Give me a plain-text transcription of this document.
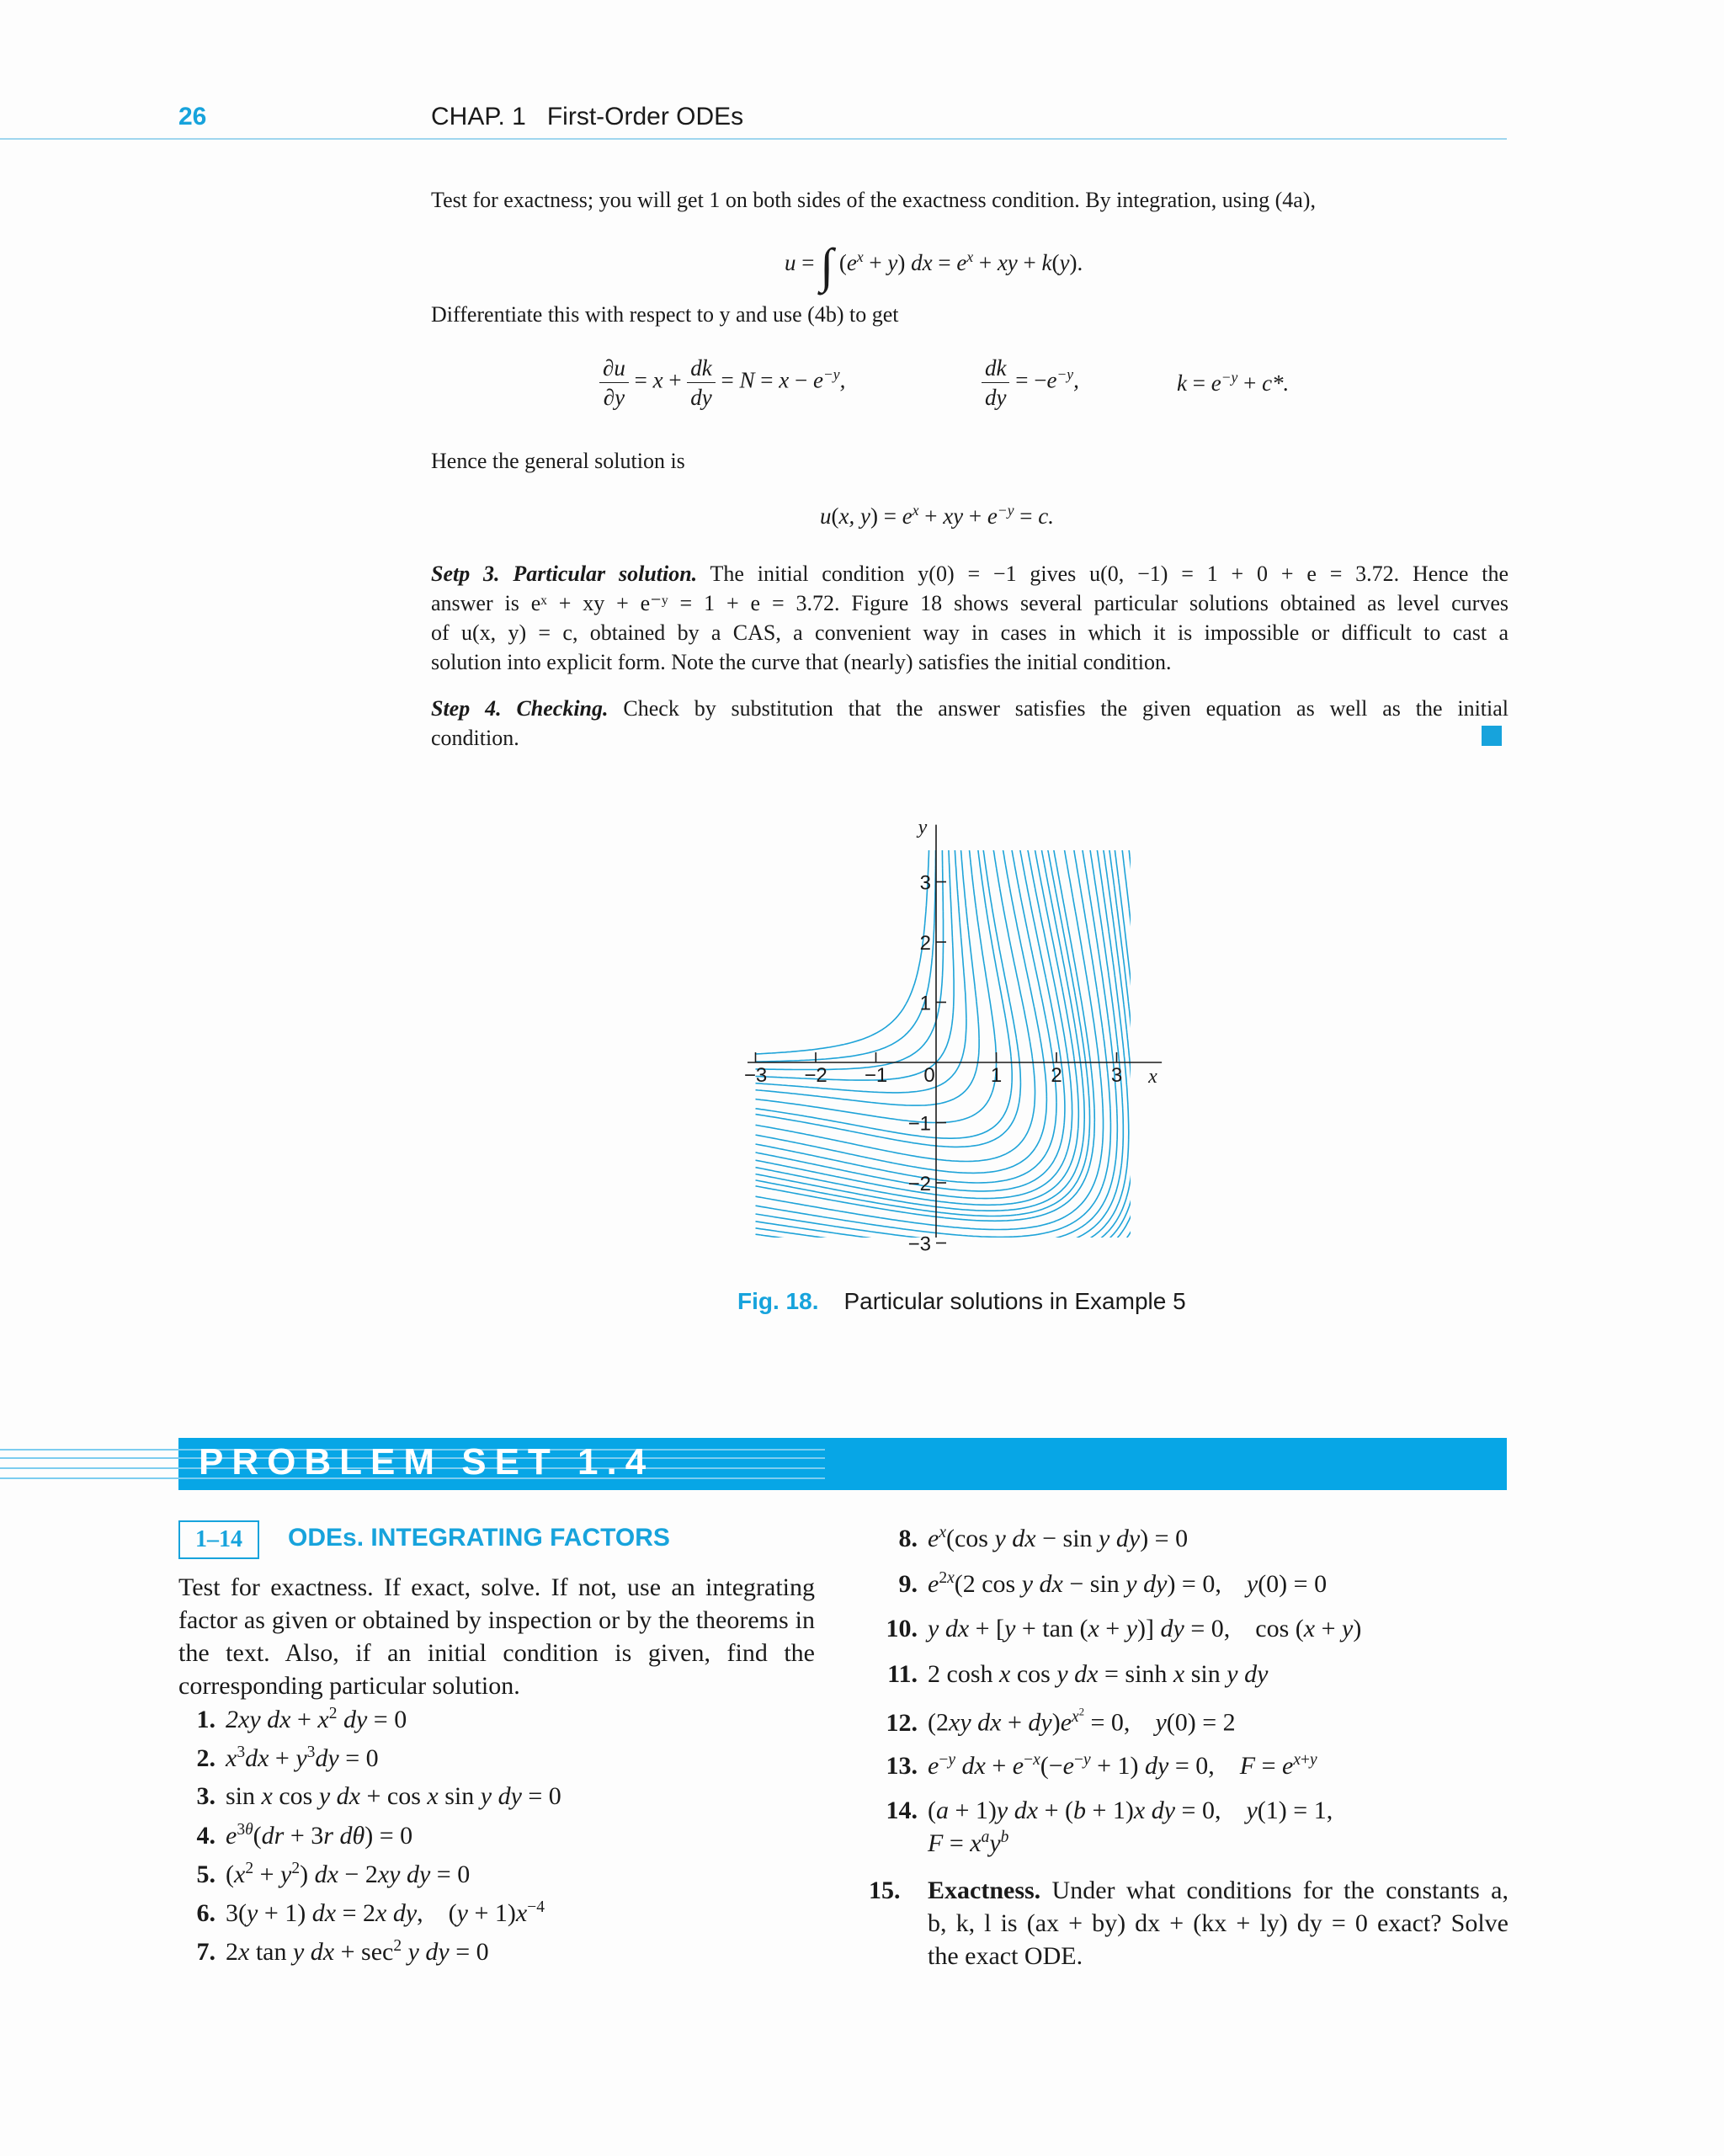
26	CHAP. 1   First-Order ODEs
Test for exactness; you will get 1 on both sides of the exactness condition. By integration, using (4a),
u = ∫ $(e^x + y)$ dx = $e^x$ + xy + k(y).
Differentiate this with respect to y and use (4b) to get
$\frac{\partial u}{\partial y} = x + \frac{dk}{dy} = N = x - e^{-y}$,	$\frac{dk}{dy} = -e^{-y}$,	$k = e^{-y} + c*$.
Hence the general solution is
u(x, $y) = e^x$ + xy + $e^{-y} = c$.
Setp 3. Particular solution. The initial condition y(0) = −1 gives u(0, −1) = 1 + 0 + e = 3.72. Hence the
answer is eˣ + xy + e⁻ʸ = 1 + e = 3.72. Figure 18 shows several particular solutions obtained as level curves
of u(x, y) = c, obtained by a CAS, a convenient way in cases in which it is impossible or difficult to cast a
solution into explicit form. Note the curve that (nearly) satisfies the initial condition.
Step 4. Checking. Check by substitution that the answer satisfies the given equation as well as the initial
condition.
−3 −2 −1 0	1 2 3
3
2
1
−1
−2
−3
x
y
Fig. 18. Particular solutions in Example 5
PROBLEM SET 1.4
1–14	ODEs. INTEGRATING FACTORS
Test for exactness. If exact, solve. If not, use an integrating factor as given or obtained by inspection or by the theorems in the text. Also, if an initial condition is given, find the corresponding particular solution.
1. 2xy dx + $x^2$ dy = 0
2. $x^3dx + y^3dy = 0$
3. sin x cos y dx + cos x sin y dy = 0
4. $e^{3\theta}(dr + 3r$ dθ) = 0
5. $(x^2 + y^2)$ dx − 2xy dy = 0
6. 3(y + 1) dx = 2x dy,    $(y + 1)x^{-4}$
7. 2x tan y dx + $\sec^2 y$ dy = 0
8. $e^x(\cos$ y dx − sin y dy) = 0
9. $e^{2x}(2$ cos y dx − sin y dy) = 0,    y(0) = 0
10. y dx + [y + tan (x + y)] dy = 0,    cos (x + y)
11. 2 cosh x cos y dx = sinh x sin y dy
12. (2xy dx + $dy)e^{x^2} = 0$,    y(0) = 2
13. $e^{-y}$ dx + $e^{-x}(-e^{-y} + 1)$ dy = 0,    $F = e^{x+y}$
14. (a + 1)y dx + (b + 1)x dy = 0,    y(1) = 1,
$F = x^ay^b$
15. Exactness. Under what conditions for the constants a,
b, k, l is (ax + by) dx + (kx + ly) dy = 0 exact? Solve
the exact ODE.
